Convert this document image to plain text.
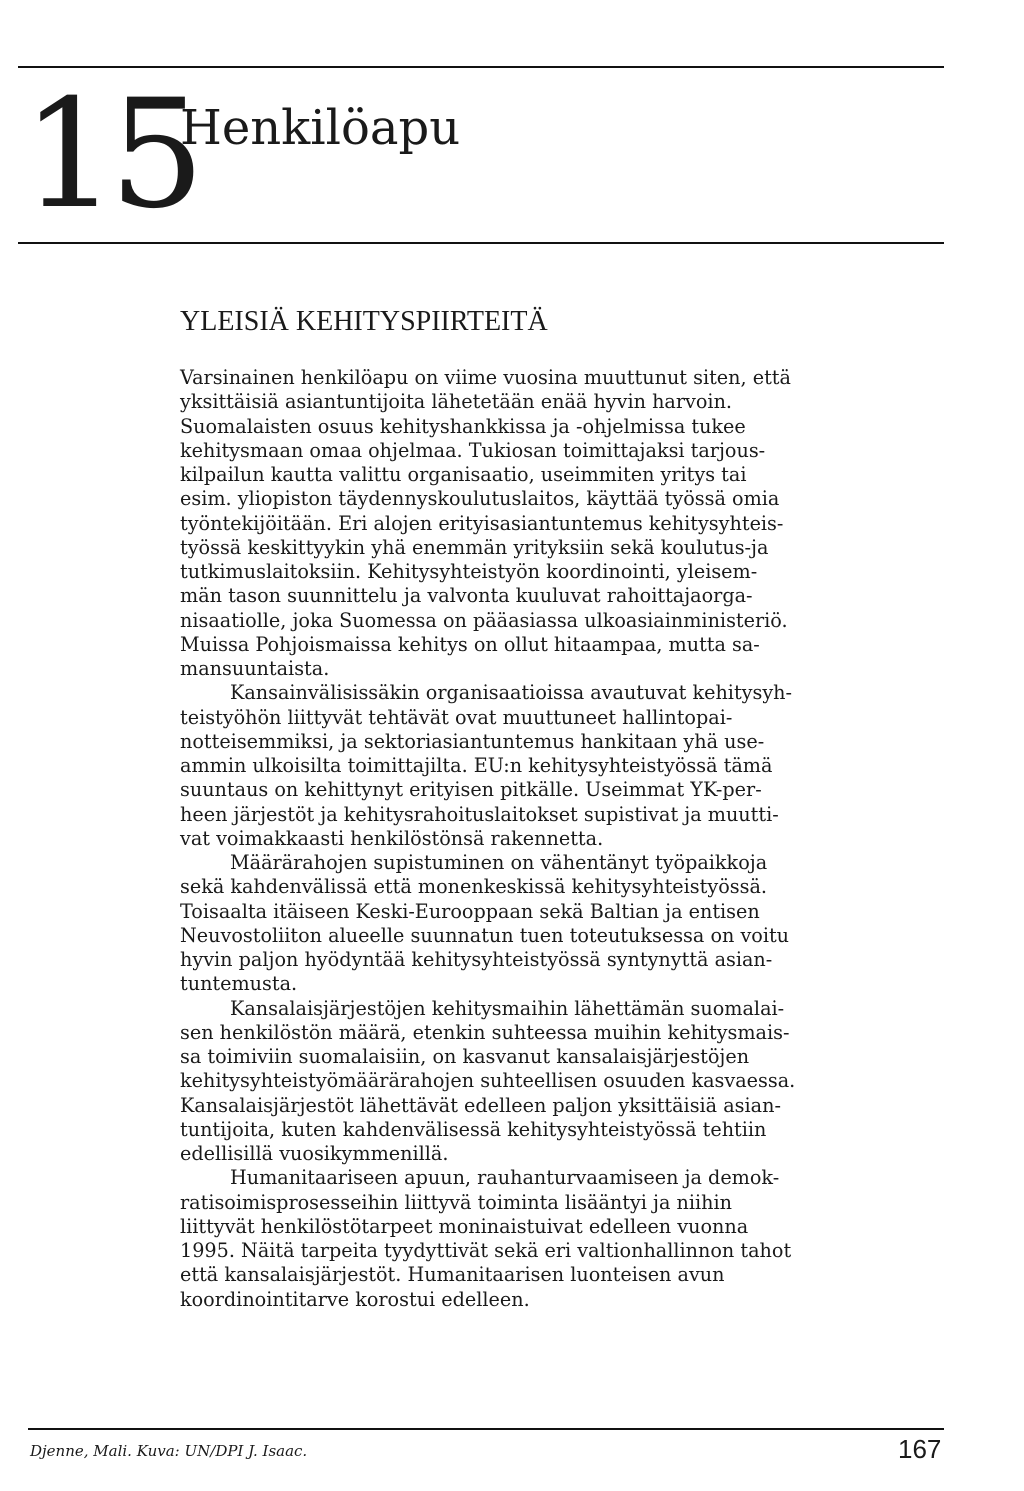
15
Henkilöapu
YLEISIÄ KEHITYSPIIRTEITÄ

Varsinainen henkilöapu on viime vuosina muuttunut siten, että
yksittäisiä asiantuntijoita lähetetään enää hyvin harvoin.
Suomalaisten osuus kehityshankkissa ja -ohjelmissa tukee
kehitysmaan omaa ohjelmaa. Tukiosan toimittajaksi tarjous-
kilpailun kautta valittu organisaatio, useimmiten yritys tai
esim. yliopiston täydennyskoulutuslaitos, käyttää työssä omia
työntekijöitään. Eri alojen erityisasiantuntemus kehitysyhteis-
työssä keskittyykin yhä enemmän yrityksiin sekä koulutus-ja
tutkimuslaitoksiin. Kehitysyhteistyön koordinointi, yleisem-
män tason suunnittelu ja valvonta kuuluvat rahoittajaorga-
nisaatiolle, joka Suomessa on pääasiassa ulkoasiainministeriö.
Muissa Pohjoismaissa kehitys on ollut hitaampaa, mutta sa-
mansuuntaista.

Kansainvälisissäkin organisaatioissa avautuvat kehitysyh-
teistyöhön liittyvät tehtävät ovat muuttuneet hallintopai-
notteisemmiksi, ja sektoriasiantuntemus hankitaan yhä use-
ammin ulkoisilta toimittajilta. EU:n kehitysyhteistyössä tämä
suuntaus on kehittynyt erityisen pitkälle. Useimmat YK-per-
heen järjestöt ja kehitysrahoituslaitokset supistivat ja muutti-
vat voimakkaasti henkilöstönsä rakennetta.

Määrärahojen supistuminen on vähentänyt työpaikkoja
sekä kahdenvälissä että monenkeskissä kehitysyhteistyössä.
Toisaalta itäiseen Keski-Eurooppaan sekä Baltian ja entisen
Neuvostoliiton alueelle suunnatun tuen toteutuksessa on voitu
hyvin paljon hyödyntää kehitysyhteistyössä syntynyttä asian-
tuntemusta.

Kansalaisjärjestöjen kehitysmaihin lähettämän suomalai-
sen henkilöstön määrä, etenkin suhteessa muihin kehitysmais-
sa toimiviin suomalaisiin, on kasvanut kansalaisjärjestöjen
kehitysyhteistyömäärärahojen suhteellisen osuuden kasvaessa.
Kansalaisjärjestöt lähettävät edelleen paljon yksittäisiä asian-
tuntijoita, kuten kahdenvälisessä kehitysyhteistyössä tehtiin
edellisillä vuosikymmenillä.

Humanitaariseen apuun, rauhanturvaamiseen ja demok-
ratisoimisprosesseihin liittyvä toiminta lisääntyi ja niihin
liittyvät henkilöstötarpeet moninaistuivat edelleen vuonna
1995. Näitä tarpeita tyydyttivät sekä eri valtionhallinnon tahot
että kansalaisjärjestöt. Humanitaarisen luonteisen avun
koordinointitarve korostui edelleen.

Djenne, Mali. Kuva: UN/DPI J. Isaac.	167
